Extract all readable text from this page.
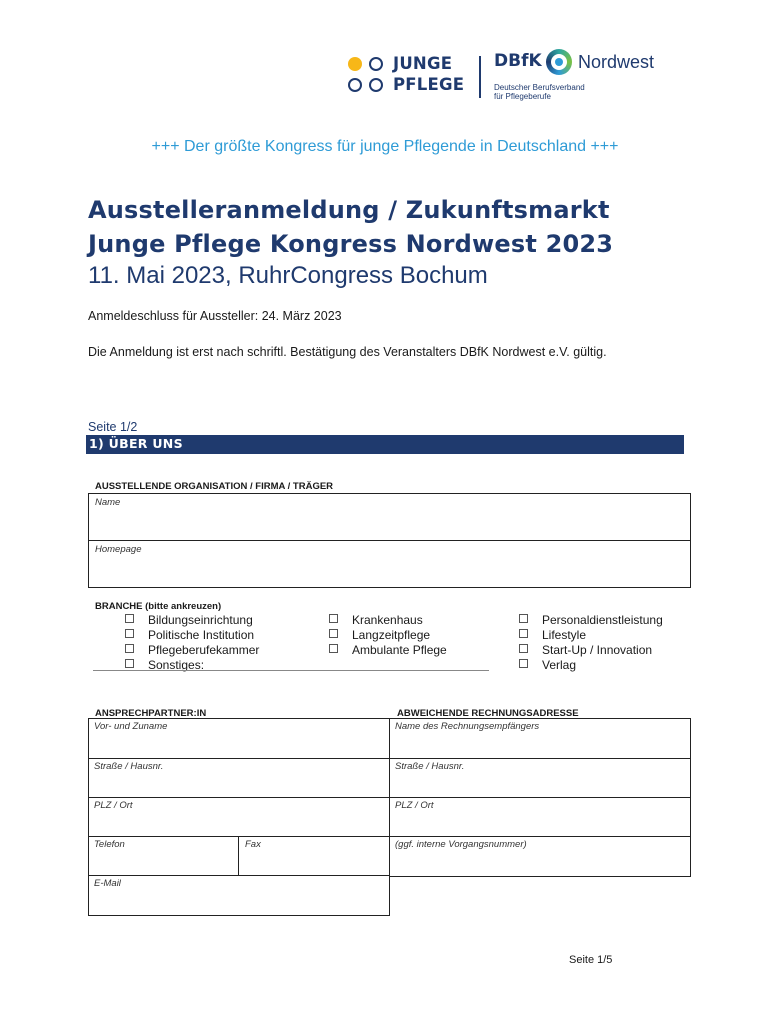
JUNGE
PFLEGE
DBfK Nordwest
Deutscher Berufsverband
für Pflegeberufe
+++ Der größte Kongress für junge Pflegende in Deutschland +++
Ausstelleranmeldung / Zukunftsmarkt
Junge Pflege Kongress Nordwest 2023
11. Mai 2023, RuhrCongress Bochum
Anmeldeschluss für Aussteller: 24. März 2023
Die Anmeldung ist erst nach schriftl. Bestätigung des Veranstalters DBfK Nordwest e.V. gültig.
Seite 1/2
1) ÜBER UNS
AUSSTELLENDE ORGANISATION / FIRMA / TRÄGER
Name
Homepage
BRANCHE (bitte ankreuzen)
Bildungseinrichtung
Politische Institution
Pflegeberufekammer
Sonstiges:
Krankenhaus
Langzeitpflege
Ambulante Pflege
Personaldienstleistung
Lifestyle
Start-Up / Innovation
Verlag
ANSPRECHPARTNER:IN	ABWEICHENDE RECHNUNGSADRESSE
Vor- und Zuname
Straße / Hausnr.
PLZ / Ort
Telefon	Fax
E-Mail
Name des Rechnungsempfängers
Straße / Hausnr.
PLZ / Ort
(ggf. interne Vorgangsnummer)
Seite 1/5
